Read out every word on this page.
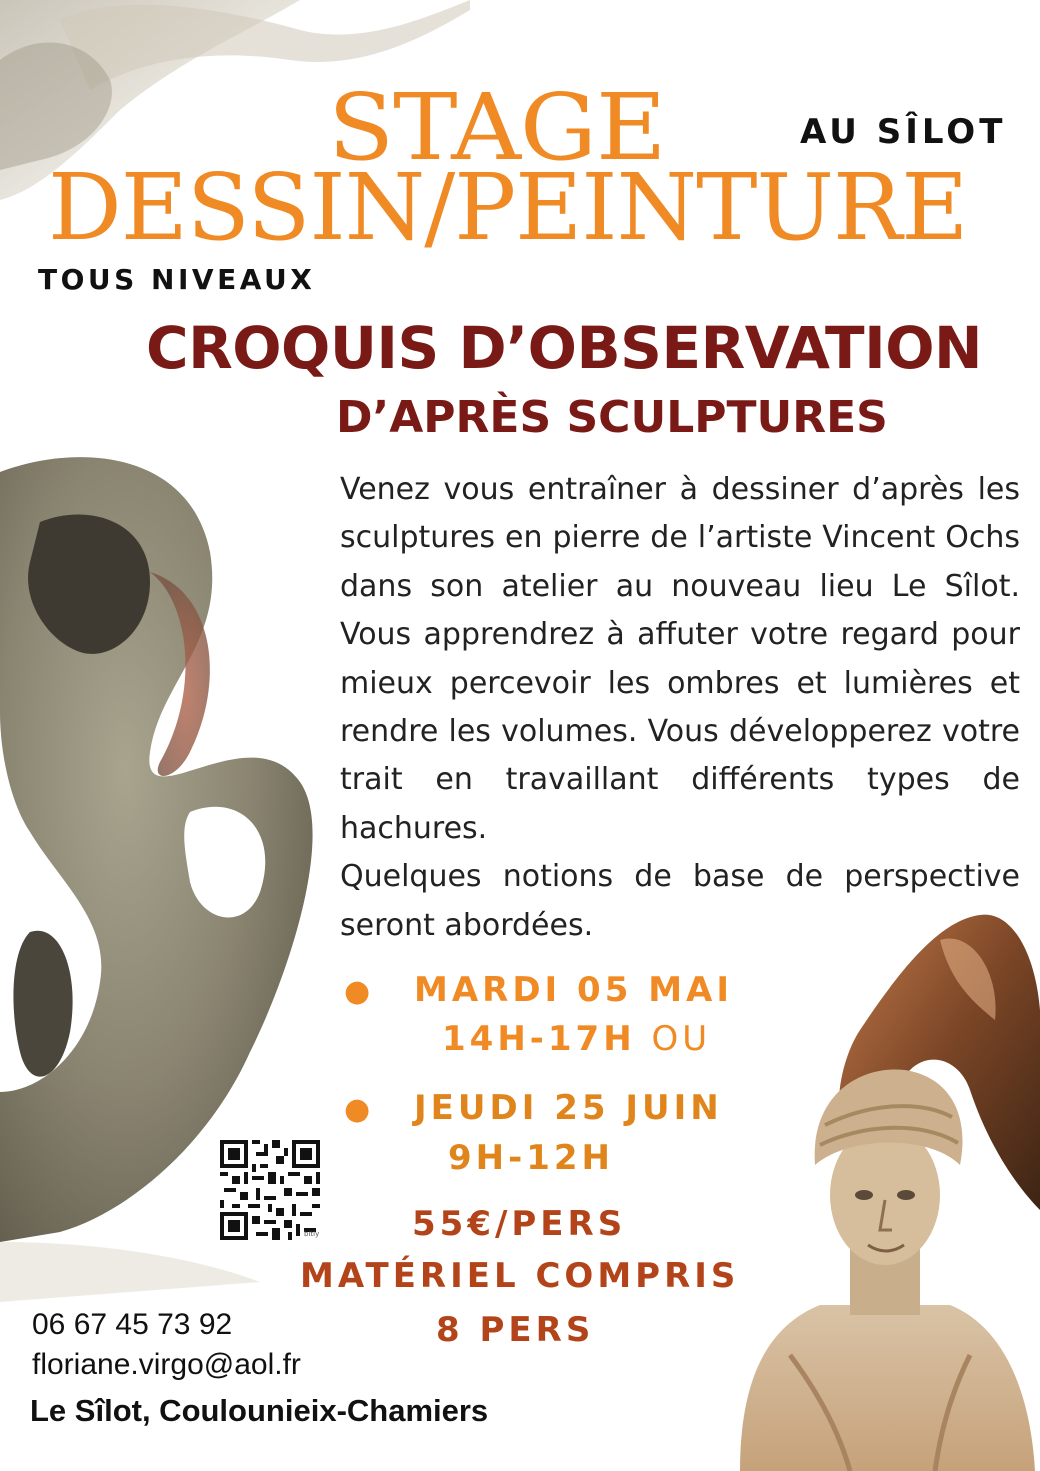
bitly
STAGE
DESSIN/PEINTURE
AU SÎLOT
TOUS NIVEAUX
CROQUIS D’OBSERVATION
D’APRÈS SCULPTURES

Venez vous entraîner à dessiner d’après les sculptures en pierre de l’artiste Vincent Ochs dans son atelier au nouveau lieu Le Sîlot. Vous apprendrez à affuter votre regard pour mieux percevoir les ombres et lumières et rendre les volumes. Vous développerez votre trait en travaillant différents types de hachures.

Quelques notions de base de perspective seront abordées.

● MARDI 05 MAI
14H-17H OU
● JEUDI 25 JUIN
9H-12H
55€/PERS
MATÉRIEL COMPRIS
8 PERS
06 67 45 73 92
floriane.virgo@aol.fr
Le Sîlot, Coulounieix-Chamiers
